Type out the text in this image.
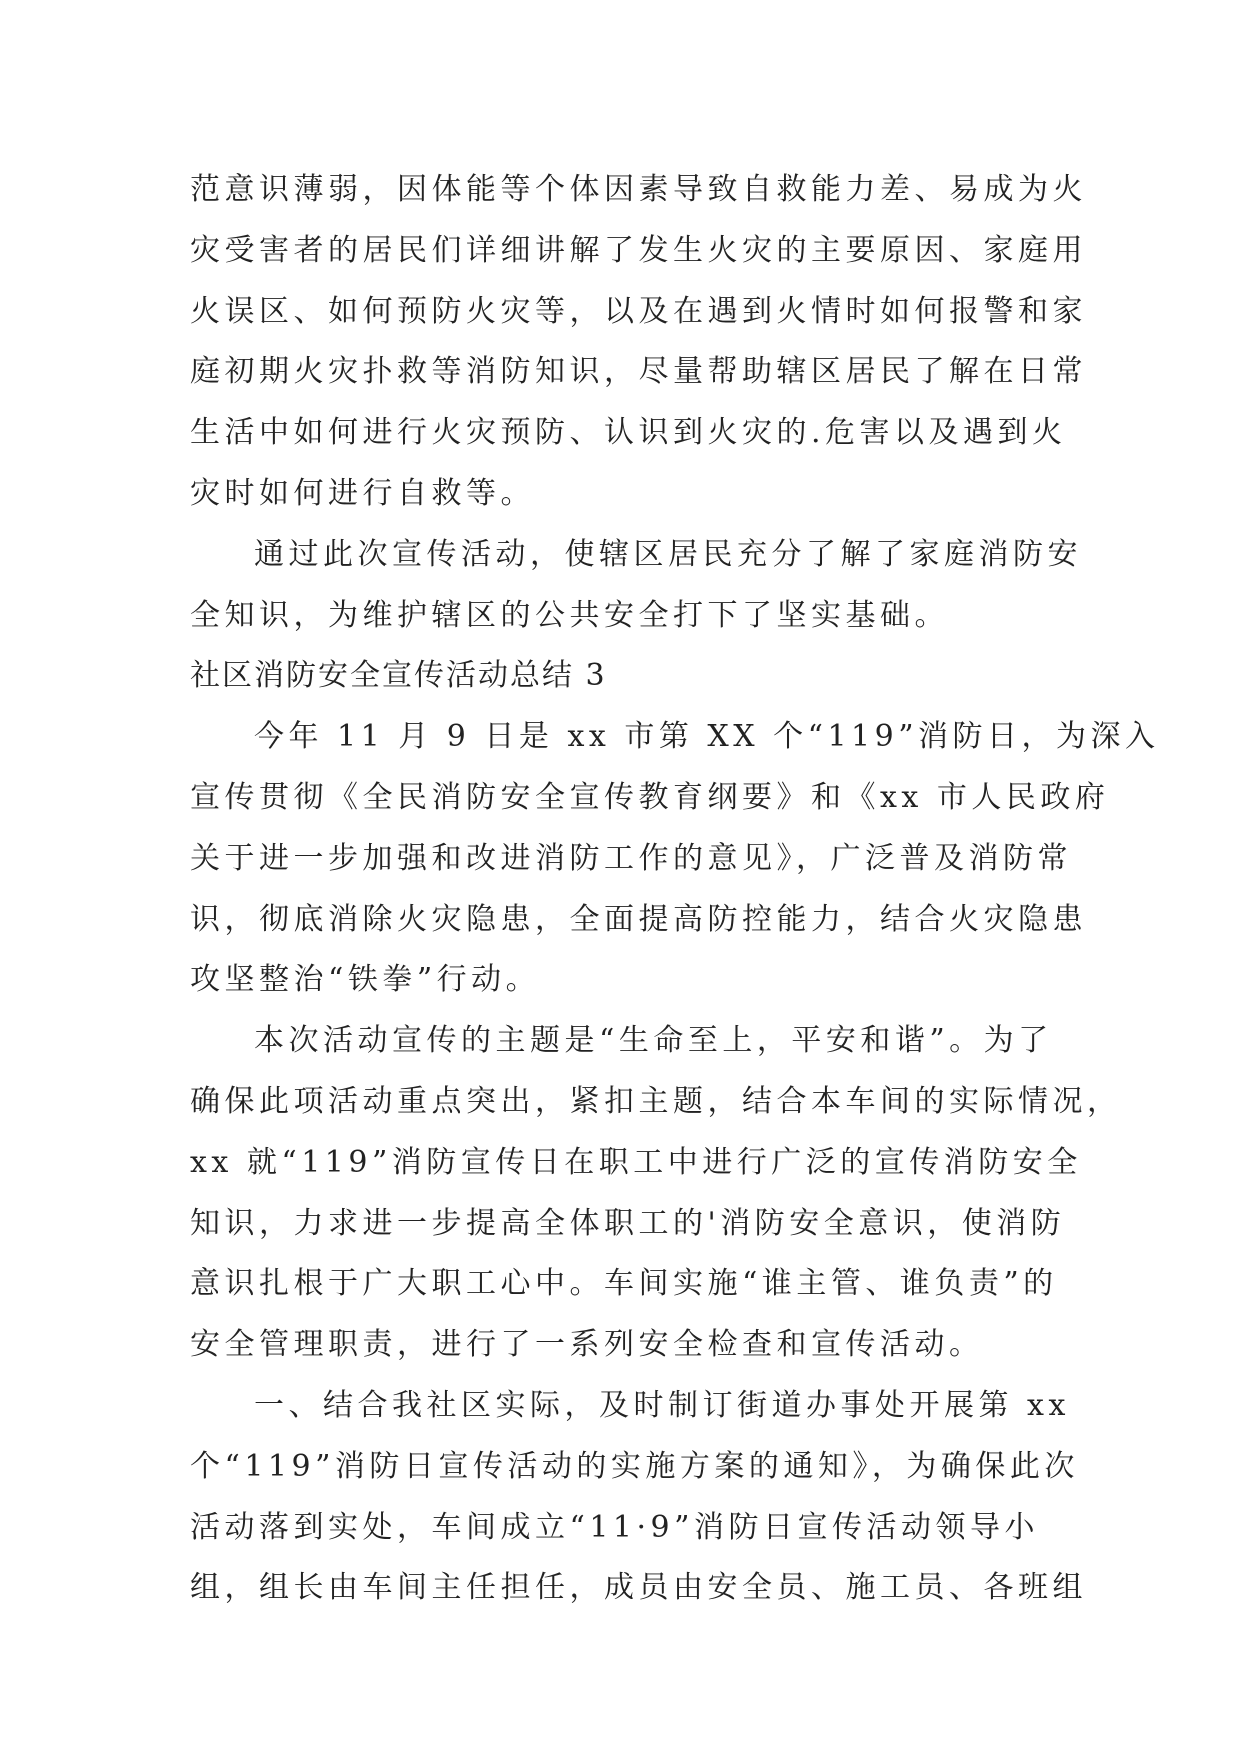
范意识薄弱，因体能等个体因素导致自救能力差、易成为火
灾受害者的居民们详细讲解了发生火灾的主要原因、家庭用
火误区、如何预防火灾等，以及在遇到火情时如何报警和家
庭初期火灾扑救等消防知识，尽量帮助辖区居民了解在日常
生活中如何进行火灾预防、认识到火灾的.危害以及遇到火
灾时如何进行自救等。
通过此次宣传活动，使辖区居民充分了解了家庭消防安
全知识，为维护辖区的公共安全打下了坚实基础。
社区消防安全宣传活动总结 3
今年 11 月 9 日是 xx 市第 XX 个“119”消防日，为深入
宣传贯彻《全民消防安全宣传教育纲要》和《xx 市人民政府
关于进一步加强和改进消防工作的意见》，广泛普及消防常
识，彻底消除火灾隐患，全面提高防控能力，结合火灾隐患
攻坚整治“铁拳”行动。
本次活动宣传的主题是“生命至上，平安和谐”。为了
确保此项活动重点突出，紧扣主题，结合本车间的实际情况，
xx 就“119”消防宣传日在职工中进行广泛的宣传消防安全
知识，力求进一步提高全体职工的'消防安全意识，使消防
意识扎根于广大职工心中。车间实施“谁主管、谁负责”的
安全管理职责，进行了一系列安全检查和宣传活动。
一、结合我社区实际，及时制订街道办事处开展第 xx
个“119”消防日宣传活动的实施方案的通知》，为确保此次
活动落到实处，车间成立“11·9”消防日宣传活动领导小
组，组长由车间主任担任，成员由安全员、施工员、各班组
